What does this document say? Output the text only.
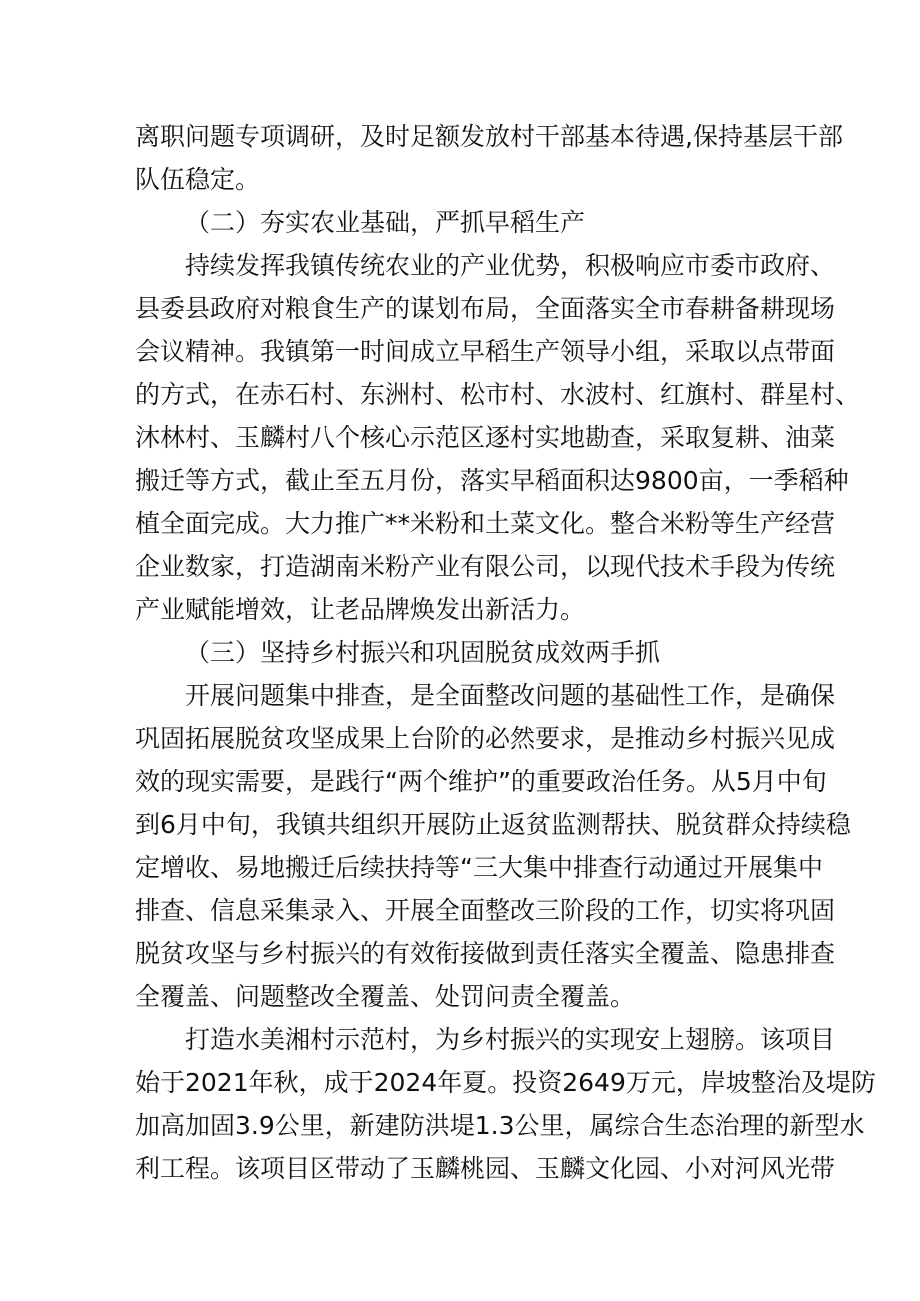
离职问题专项调研，及时足额发放村干部基本待遇,保持基层干部
队伍稳定。
（二）夯实农业基础，严抓早稻生产
持续发挥我镇传统农业的产业优势，积极响应市委市政府、
县委县政府对粮食生产的谋划布局，全面落实全市春耕备耕现场
会议精神。我镇第一时间成立早稻生产领导小组，采取以点带面
的方式，在赤石村、东洲村、松市村、水波村、红旗村、群星村、
沐林村、玉麟村八个核心示范区逐村实地勘查，采取复耕、油菜
搬迁等方式，截止至五月份，落实早稻面积达9800亩，一季稻种
植全面完成。大力推广**米粉和土菜文化。整合米粉等生产经营
企业数家，打造湖南米粉产业有限公司，以现代技术手段为传统
产业赋能增效，让老品牌焕发出新活力。
（三）坚持乡村振兴和巩固脱贫成效两手抓
开展问题集中排查，是全面整改问题的基础性工作，是确保
巩固拓展脱贫攻坚成果上台阶的必然要求，是推动乡村振兴见成
效的现实需要，是践行“两个维护”的重要政治任务。从5月中旬
到6月中旬，我镇共组织开展防止返贫监测帮扶、脱贫群众持续稳
定增收、易地搬迁后续扶持等“三大集中排查行动通过开展集中
排查、信息采集录入、开展全面整改三阶段的工作，切实将巩固
脱贫攻坚与乡村振兴的有效衔接做到责任落实全覆盖、隐患排查
全覆盖、问题整改全覆盖、处罚问责全覆盖。
打造水美湘村示范村，为乡村振兴的实现安上翅膀。该项目
始于2021年秋，成于2024年夏。投资2649万元，岸坡整治及堤防
加高加固3.9公里，新建防洪堤1.3公里，属综合生态治理的新型水
利工程。该项目区带动了玉麟桃园、玉麟文化园、小对河风光带
